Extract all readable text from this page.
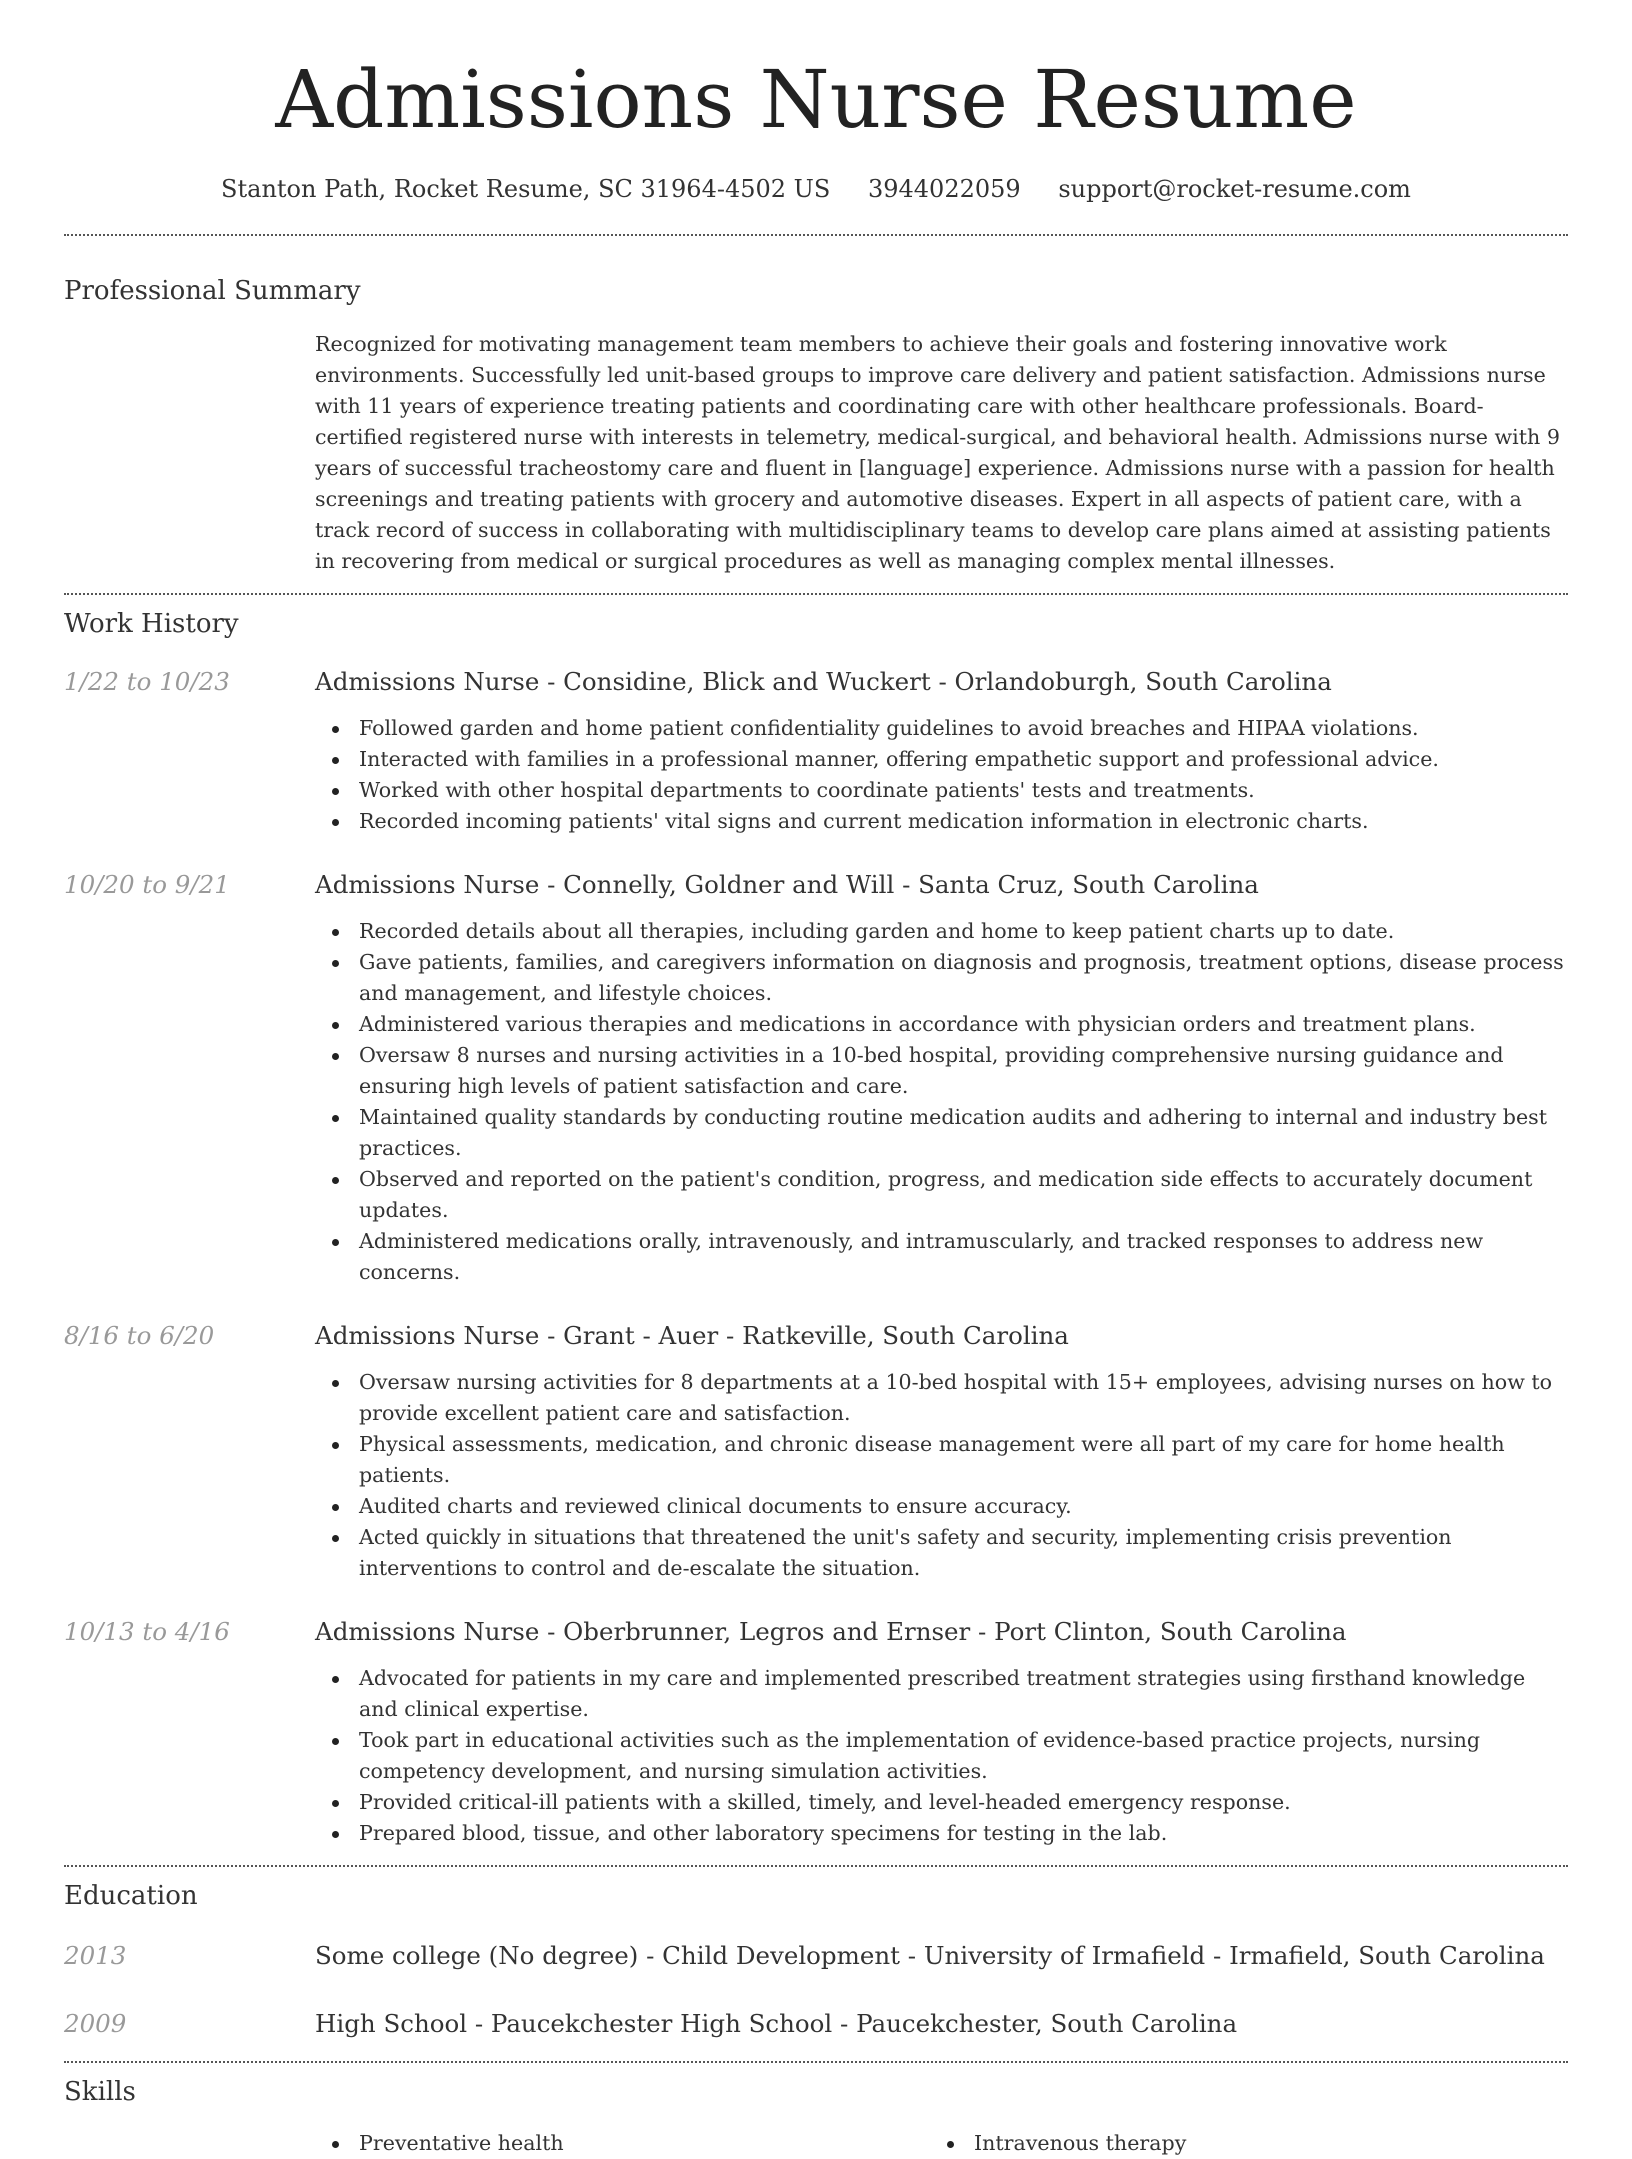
Admissions Nurse Resume
Stanton Path, Rocket Resume, SC 31964-4502 US 3944022059 support@rocket-resume.com
Professional Summary

Recognized for motivating management team members to achieve their goals and fostering innovative work environments. Successfully led unit-based groups to improve care delivery and patient satisfaction. Admissions nurse with 11 years of experience treating patients and coordinating care with other healthcare professionals. Board-certified registered nurse with interests in telemetry, medical-surgical, and behavioral health. Admissions nurse with 9 years of successful tracheostomy care and fluent in [language] experience. Admissions nurse with a passion for health screenings and treating patients with grocery and automotive diseases. Expert in all aspects of patient care, with a track record of success in collaborating with multidisciplinary teams to develop care plans aimed at assisting patients in recovering from medical or surgical procedures as well as managing complex mental illnesses.

Work History
1/22 to 10/23	Admissions Nurse - Considine, Blick and Wuckert - Orlandoburgh, South Carolina
Followed garden and home patient confidentiality guidelines to avoid breaches and HIPAA violations.
Interacted with families in a professional manner, offering empathetic support and professional advice.
Worked with other hospital departments to coordinate patients' tests and treatments.
Recorded incoming patients' vital signs and current medication information in electronic charts.
10/20 to 9/21	Admissions Nurse - Connelly, Goldner and Will - Santa Cruz, South Carolina
Recorded details about all therapies, including garden and home to keep patient charts up to date.
Gave patients, families, and caregivers information on diagnosis and prognosis, treatment options, disease process and management, and lifestyle choices.
Administered various therapies and medications in accordance with physician orders and treatment plans.
Oversaw 8 nurses and nursing activities in a 10-bed hospital, providing comprehensive nursing guidance and ensuring high levels of patient satisfaction and care.
Maintained quality standards by conducting routine medication audits and adhering to internal and industry best practices.
Observed and reported on the patient's condition, progress, and medication side effects to accurately document updates.
Administered medications orally, intravenously, and intramuscularly, and tracked responses to address new concerns.
8/16 to 6/20	Admissions Nurse - Grant - Auer - Ratkeville, South Carolina
Oversaw nursing activities for 8 departments at a 10-bed hospital with 15+ employees, advising nurses on how to provide excellent patient care and satisfaction.
Physical assessments, medication, and chronic disease management were all part of my care for home health patients.
Audited charts and reviewed clinical documents to ensure accuracy.
Acted quickly in situations that threatened the unit's safety and security, implementing crisis prevention interventions to control and de-escalate the situation.
10/13 to 4/16	Admissions Nurse - Oberbrunner, Legros and Ernser - Port Clinton, South Carolina
Advocated for patients in my care and implemented prescribed treatment strategies using firsthand knowledge and clinical expertise.
Took part in educational activities such as the implementation of evidence-based practice projects, nursing competency development, and nursing simulation activities.
Provided critical-ill patients with a skilled, timely, and level-headed emergency response.
Prepared blood, tissue, and other laboratory specimens for testing in the lab.
Education
2013	Some college (No degree) - Child Development - University of Irmafield - Irmafield, South Carolina
2009	High School - Paucekchester High School - Paucekchester, South Carolina
Skills
Preventative health	Intravenous therapy
